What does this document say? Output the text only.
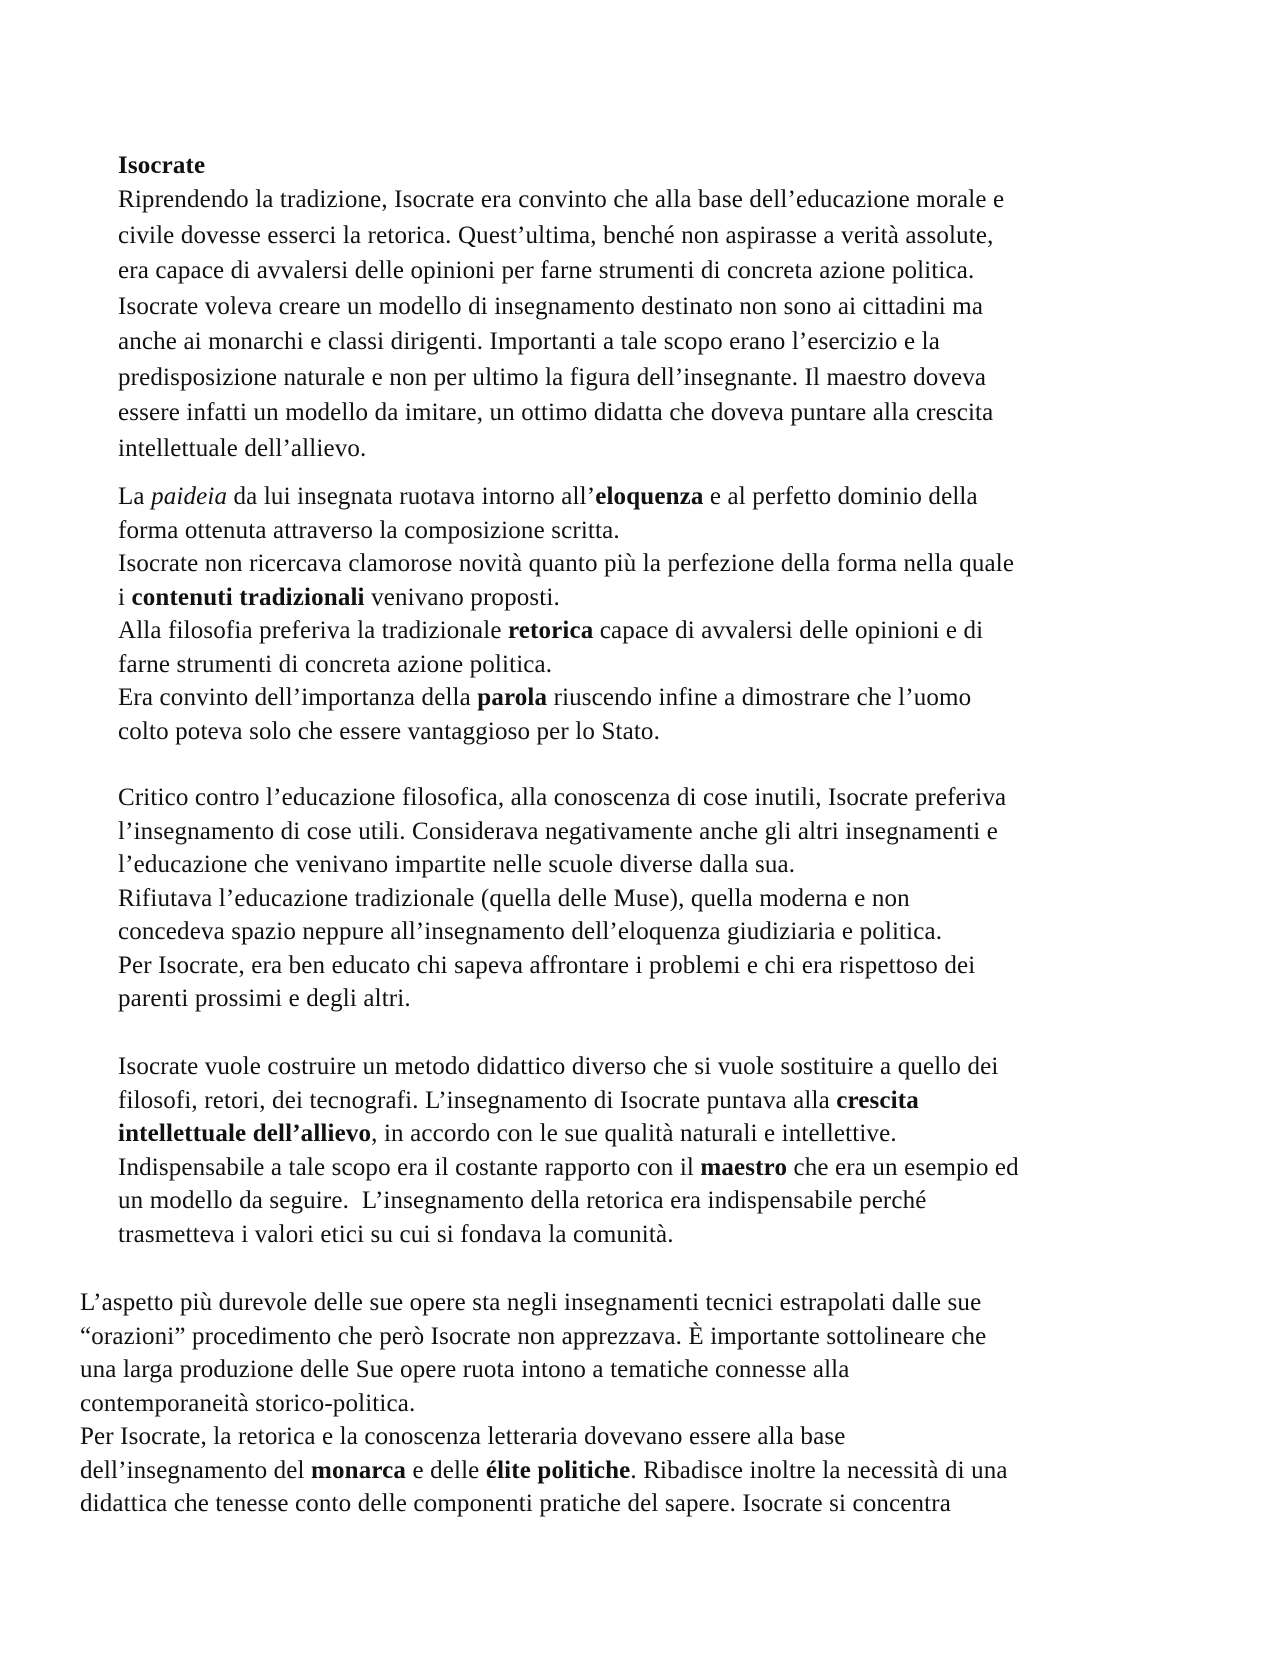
Isocrate
Riprendendo la tradizione, Isocrate era convinto che alla base dell’educazione morale e
civile dovesse esserci la retorica. Quest’ultima, benché non aspirasse a verità assolute,
era capace di avvalersi delle opinioni per farne strumenti di concreta azione politica.
Isocrate voleva creare un modello di insegnamento destinato non sono ai cittadini ma
anche ai monarchi e classi dirigenti. Importanti a tale scopo erano l’esercizio e la
predisposizione naturale e non per ultimo la figura dell’insegnante. Il maestro doveva
essere infatti un modello da imitare, un ottimo didatta che doveva puntare alla crescita
intellettuale dell’allievo.
La paideia da lui insegnata ruotava intorno all’eloquenza e al perfetto dominio della
forma ottenuta attraverso la composizione scritta.
Isocrate non ricercava clamorose novità quanto più la perfezione della forma nella quale
i contenuti tradizionali venivano proposti.
Alla filosofia preferiva la tradizionale retorica capace di avvalersi delle opinioni e di
farne strumenti di concreta azione politica.
Era convinto dell’importanza della parola riuscendo infine a dimostrare che l’uomo
colto poteva solo che essere vantaggioso per lo Stato.
Critico contro l’educazione filosofica, alla conoscenza di cose inutili, Isocrate preferiva
l’insegnamento di cose utili. Considerava negativamente anche gli altri insegnamenti e
l’educazione che venivano impartite nelle scuole diverse dalla sua.
Rifiutava l’educazione tradizionale (quella delle Muse), quella moderna e non
concedeva spazio neppure all’insegnamento dell’eloquenza giudiziaria e politica.
Per Isocrate, era ben educato chi sapeva affrontare i problemi e chi era rispettoso dei
parenti prossimi e degli altri.
Isocrate vuole costruire un metodo didattico diverso che si vuole sostituire a quello dei
filosofi, retori, dei tecnografi. L’insegnamento di Isocrate puntava alla crescita
intellettuale dell’allievo, in accordo con le sue qualità naturali e intellettive.
Indispensabile a tale scopo era il costante rapporto con il maestro che era un esempio ed
un modello da seguire.  L’insegnamento della retorica era indispensabile perché
trasmetteva i valori etici su cui si fondava la comunità.
L’aspetto più durevole delle sue opere sta negli insegnamenti tecnici estrapolati dalle sue
“orazioni” procedimento che però Isocrate non apprezzava. È importante sottolineare che
una larga produzione delle Sue opere ruota intono a tematiche connesse alla
contemporaneità storico-politica.
Per Isocrate, la retorica e la conoscenza letteraria dovevano essere alla base
dell’insegnamento del monarca e delle élite politiche. Ribadisce inoltre la necessità di una
didattica che tenesse conto delle componenti pratiche del sapere. Isocrate si concentra
